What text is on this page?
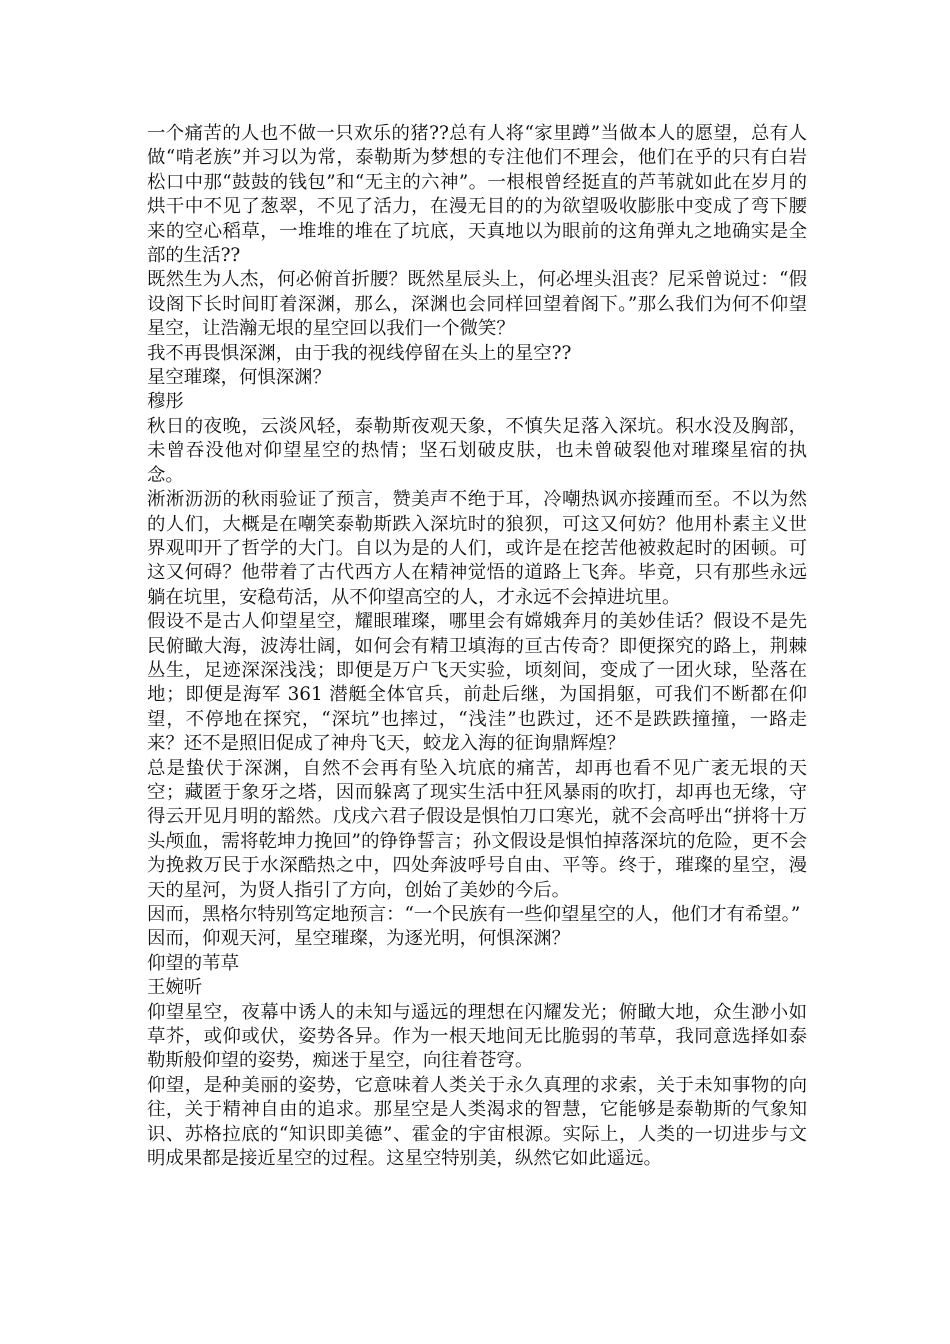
一个痛苦的人也不做一只欢乐的猪??总有人将“家里蹲”当做本人的愿望，总有人做“啃老族”并习以为常，泰勒斯为梦想的专注他们不理会，他们在乎的只有白岩松口中那“鼓鼓的钱包”和“无主的六神”。一根根曾经挺直的芦苇就如此在岁月的烘干中不见了葱翠，不见了活力，在漫无目的的为欲望吸收膨胀中变成了弯下腰来的空心稻草，一堆堆的堆在了坑底，天真地以为眼前的这角弹丸之地确实是全部的生活??

既然生为人杰，何必俯首折腰？既然星辰头上，何必埋头沮丧？尼采曾说过：“假设阁下长时间盯着深渊，那么，深渊也会同样回望着阁下。”那么我们为何不仰望星空，让浩瀚无垠的星空回以我们一个微笑？

我不再畏惧深渊，由于我的视线停留在头上的星空??

星空璀璨，何惧深渊？

穆彤

秋日的夜晚，云淡风轻，泰勒斯夜观天象，不慎失足落入深坑。积水没及胸部，未曾吞没他对仰望星空的热情；坚石划破皮肤，也未曾破裂他对璀璨星宿的执念。

淅淅沥沥的秋雨验证了预言，赞美声不绝于耳，冷嘲热讽亦接踵而至。不以为然的人们，大概是在嘲笑泰勒斯跌入深坑时的狼狈，可这又何妨？他用朴素主义世界观叩开了哲学的大门。自以为是的人们，或许是在挖苦他被救起时的困顿。可这又何碍？他带着了古代西方人在精神觉悟的道路上飞奔。毕竟，只有那些永远躺在坑里，安稳苟活，从不仰望高空的人，才永远不会掉进坑里。

假设不是古人仰望星空，耀眼璀璨，哪里会有嫦娥奔月的美妙佳话？假设不是先民俯瞰大海，波涛壮阔，如何会有精卫填海的亘古传奇？即便探究的路上，荆棘丛生，足迹深深浅浅；即便是万户飞天实验，顷刻间，变成了一团火球，坠落在地；即便是海军 361 潜艇全体官兵，前赴后继，为国捐躯，可我们不断都在仰望，不停地在探究，“深坑”也摔过，“浅洼”也跌过，还不是跌跌撞撞，一路走来？还不是照旧促成了神舟飞天，蛟龙入海的征询鼎辉煌？

总是蛰伏于深渊，自然不会再有坠入坑底的痛苦，却再也看不见广袤无垠的天空；藏匿于象牙之塔，因而躲离了现实生活中狂风暴雨的吹打，却再也无缘，守得云开见月明的豁然。戊戌六君子假设是惧怕刀口寒光，就不会高呼出“拼将十万头颅血，需将乾坤力挽回”的铮铮誓言；孙文假设是惧怕掉落深坑的危险，更不会为挽救万民于水深酷热之中，四处奔波呼号自由、平等。终于，璀璨的星空，漫天的星河，为贤人指引了方向，创始了美妙的今后。

因而，黑格尔特别笃定地预言：“一个民族有一些仰望星空的人，他们才有希望。”

因而，仰观天河，星空璀璨，为逐光明，何惧深渊？

仰望的苇草

王婉听

仰望星空，夜幕中诱人的未知与遥远的理想在闪耀发光；俯瞰大地，众生渺小如草芥，或仰或伏，姿势各异。作为一根天地间无比脆弱的苇草，我同意选择如泰勒斯般仰望的姿势，痴迷于星空，向往着苍穹。

仰望，是种美丽的姿势，它意味着人类关于永久真理的求索，关于未知事物的向往，关于精神自由的追求。那星空是人类渴求的智慧，它能够是泰勒斯的气象知识、苏格拉底的“知识即美德”、霍金的宇宙根源。实际上，人类的一切进步与文明成果都是接近星空的过程。这星空特别美，纵然它如此遥远。
